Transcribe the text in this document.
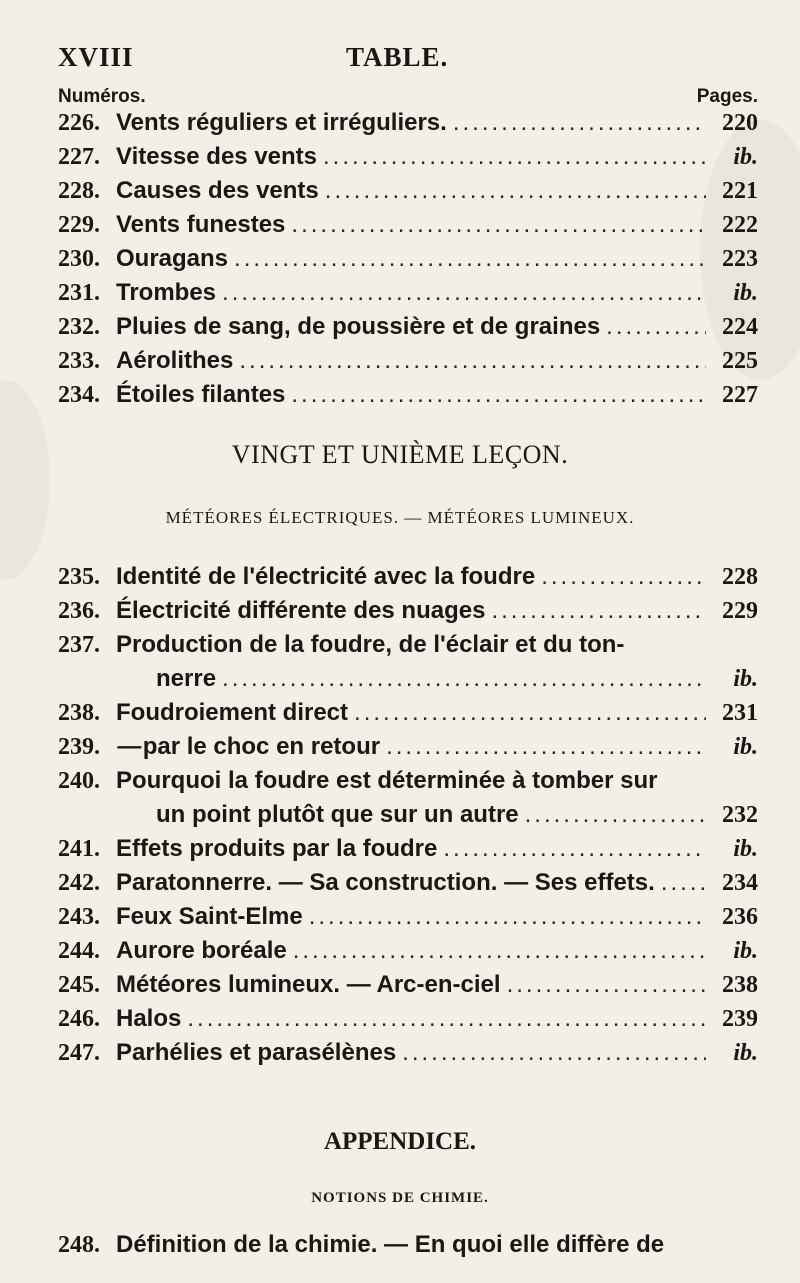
XVIII	TABLE.
Numéros.	Pages.
226. Vents réguliers et irréguliers. .....	220
227. Vitesse des vents .....	ib.
228. Causes des vents .....	221
229. Vents funestes .....	222
230. Ouragans .....	223
231. Trombes .....	ib.
232. Pluies de sang, de poussière et de graines .....	224
233. Aérolithes .....	225
234. Étoiles filantes .....	227
VINGT ET UNIÈME LEÇON.
MÉTÉORES ÉLECTRIQUES. — MÉTÉORES LUMINEUX.
235. Identité de l'électricité avec la foudre .....	228
236. Électricité différente des nuages .....	229
237. Production de la foudre, de l'éclair et du ton-
nerre .....	ib.
238. Foudroiement direct .....	231
239. — par le choc en retour .....	ib.
240. Pourquoi la foudre est déterminée à tomber sur
un point plutôt que sur un autre .....	232
241. Effets produits par la foudre .....	ib.
242. Paratonnerre. — Sa construction. — Ses effets. .....	234
243. Feux Saint-Elme .....	236
244. Aurore boréale .....	ib.
245. Météores lumineux. — Arc-en-ciel .....	238
246. Halos .....	239
247. Parhélies et parasélènes .....	ib.
APPENDICE.
NOTIONS DE CHIMIE.
248. Définition de la chimie. — En quoi elle diffère de
